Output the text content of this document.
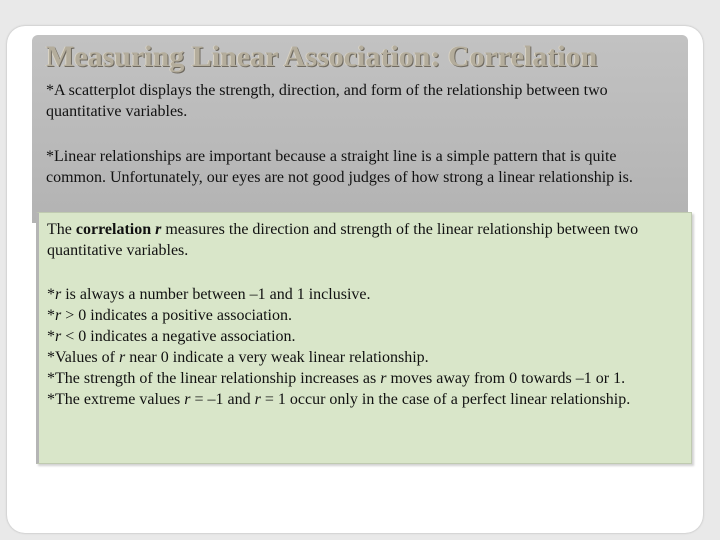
Measuring Linear Association: Correlation

*A scatterplot displays the strength, direction, and form of the relationship between two quantitative variables.

*Linear relationships are important because a straight line is a simple pattern that is quite common. Unfortunately, our eyes are not good judges of how strong a linear relationship is.

The correlation r measures the direction and strength of the linear relationship between two quantitative variables.

*r is always a number between –1 and 1 inclusive.
*r > 0 indicates a positive association.
*r < 0 indicates a negative association.
*Values of r near 0 indicate a very weak linear relationship.
*The strength of the linear relationship increases as r moves away from 0 towards –1 or 1.
*The extreme values r = –1 and r = 1 occur only in the case of a perfect linear relationship.
